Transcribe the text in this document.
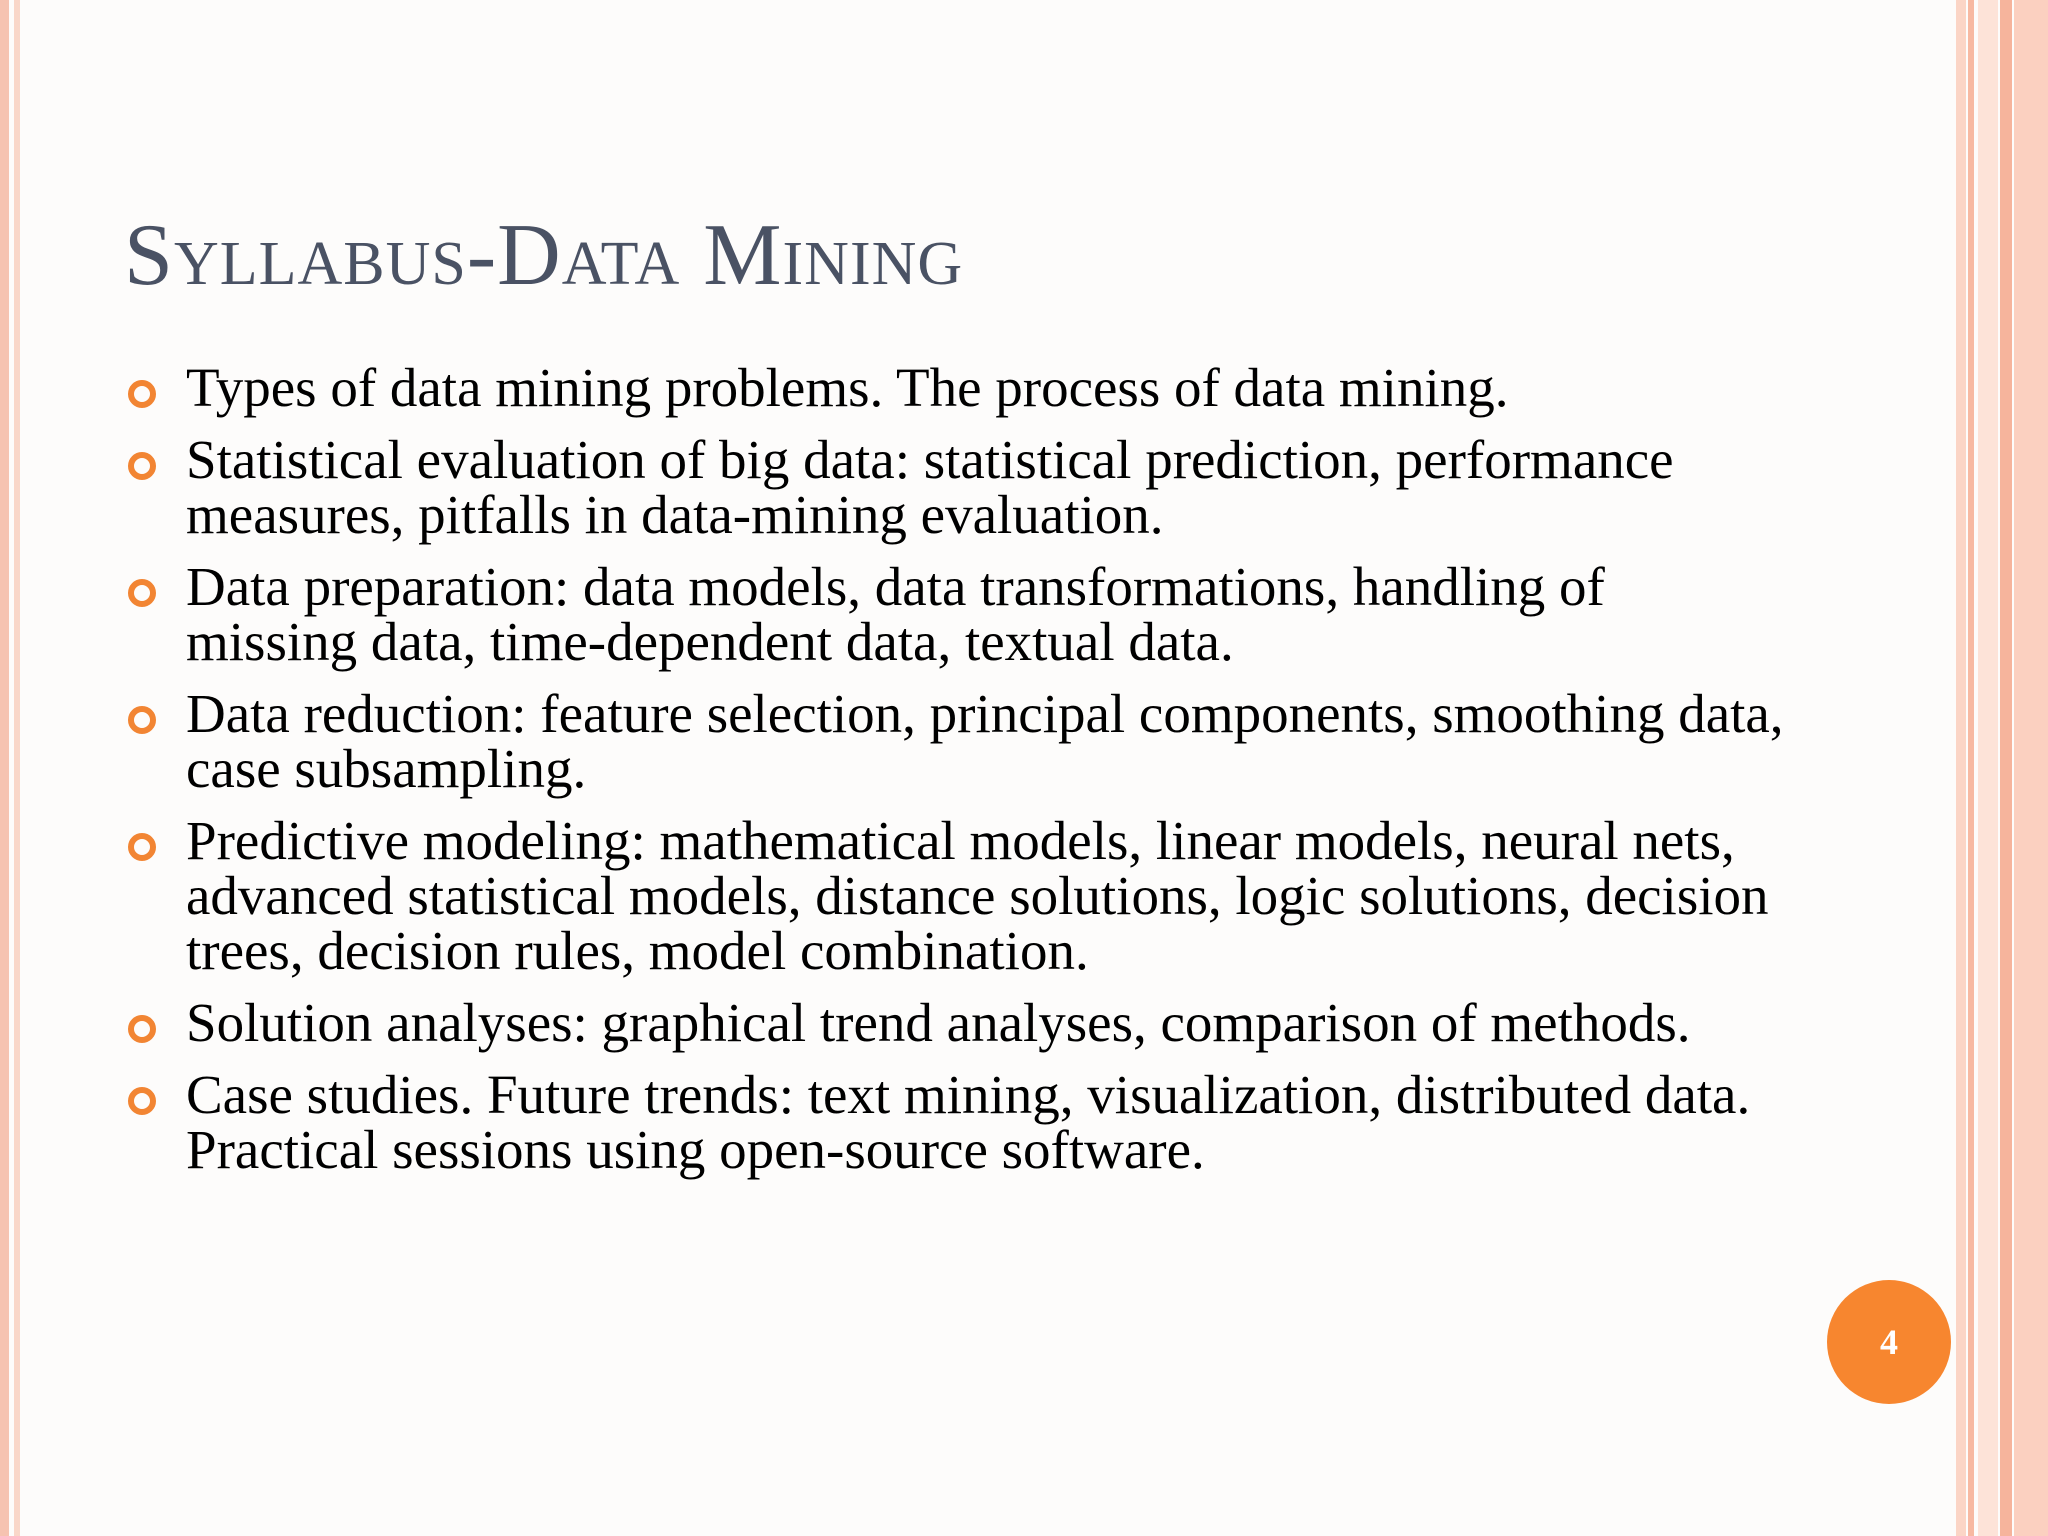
Syllabus-Data Mining
Types of data mining problems. The process of data mining.
Statistical evaluation of big data: statistical prediction, performance measures, pitfalls in data-mining evaluation.
Data preparation: data models, data transformations, handling of missing data, time-dependent data, textual data.
Data reduction: feature selection, principal components, smoothing data, case subsampling.
Predictive modeling: mathematical models, linear models, neural nets, advanced statistical models, distance solutions, logic solutions, decision trees, decision rules, model combination.
Solution analyses: graphical trend analyses, comparison of methods.
Case studies. Future trends: text mining, visualization, distributed data. Practical sessions using open-source software.
4
